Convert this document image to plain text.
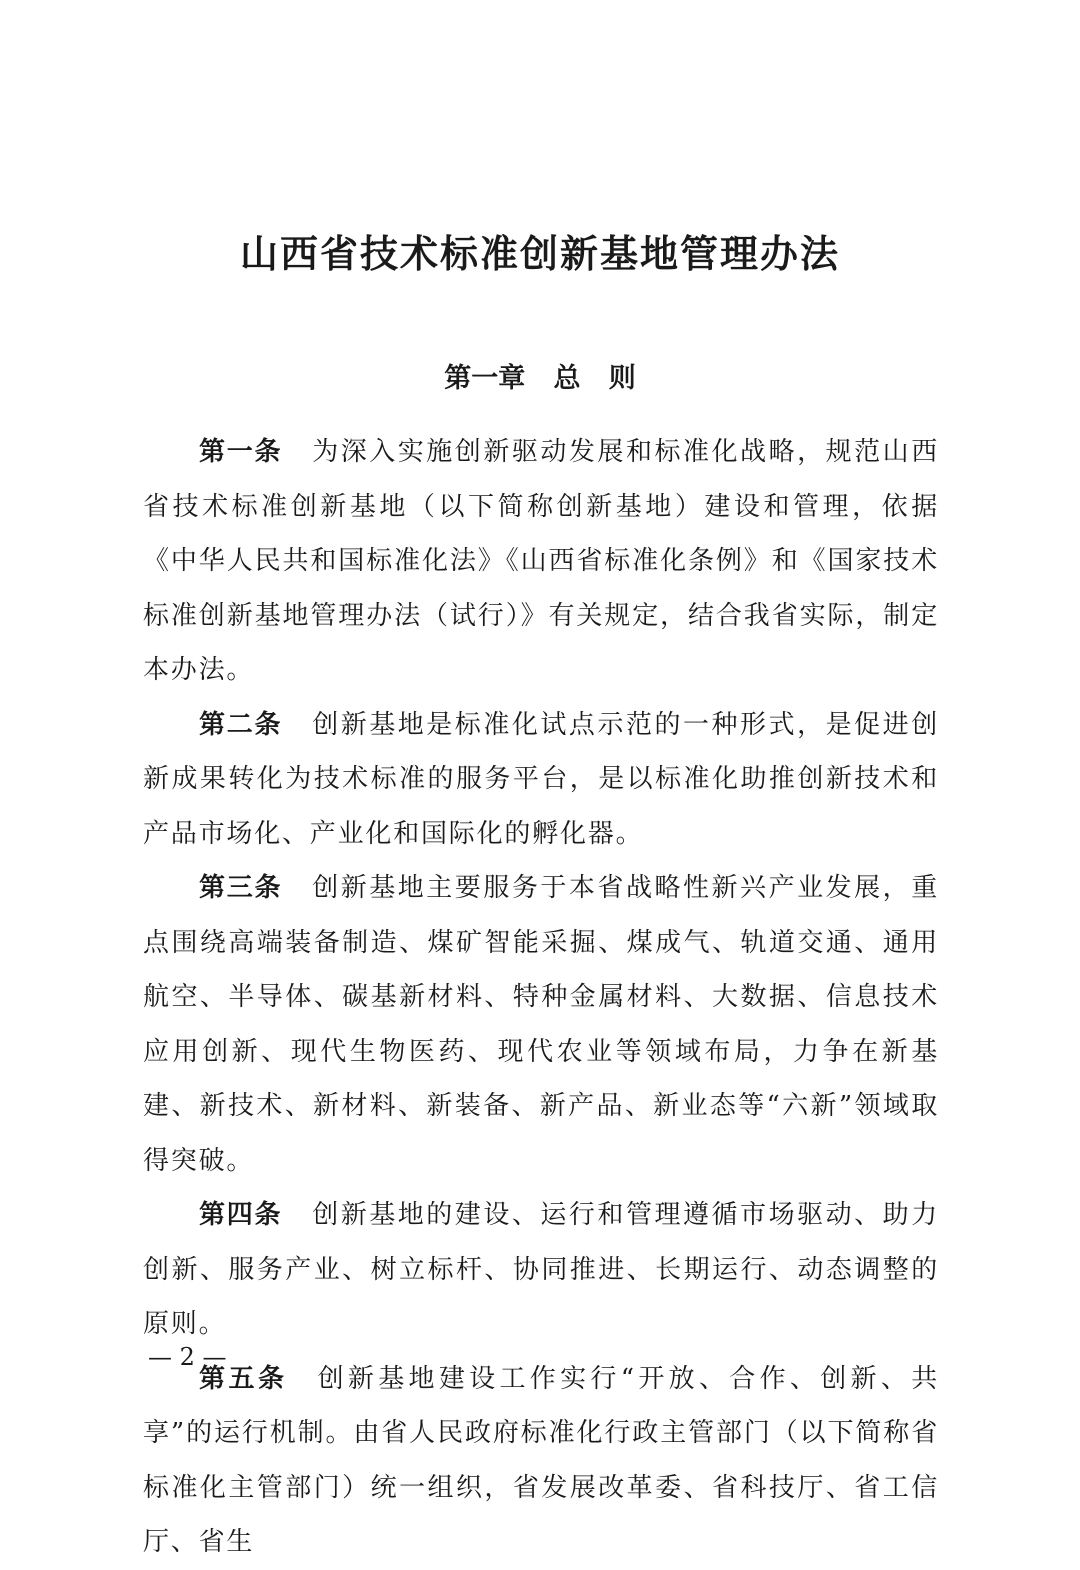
山西省技术标准创新基地管理办法
第一章   总   则

第一条 为深入实施创新驱动发展和标准化战略，规范山西省技术标准创新基地（以下简称创新基地）建设和管理，依据《中华人民共和国标准化法》《山西省标准化条例》和《国家技术标准创新基地管理办法（试行）》有关规定，结合我省实际，制定本办法。

第二条 创新基地是标准化试点示范的一种形式，是促进创新成果转化为技术标准的服务平台，是以标准化助推创新技术和产品市场化、产业化和国际化的孵化器。

第三条 创新基地主要服务于本省战略性新兴产业发展，重点围绕高端装备制造、煤矿智能采掘、煤成气、轨道交通、通用航空、半导体、碳基新材料、特种金属材料、大数据、信息技术应用创新、现代生物医药、现代农业等领域布局，力争在新基建、新技术、新材料、新装备、新产品、新业态等“六新”领域取得突破。

第四条 创新基地的建设、运行和管理遵循市场驱动、助力创新、服务产业、树立标杆、协同推进、长期运行、动态调整的原则。

第五条 创新基地建设工作实行“开放、合作、创新、共享”的运行机制。由省人民政府标准化行政主管部门（以下简称省标准化主管部门）统一组织，省发展改革委、省科技厅、省工信厅、省生

— 2 —
